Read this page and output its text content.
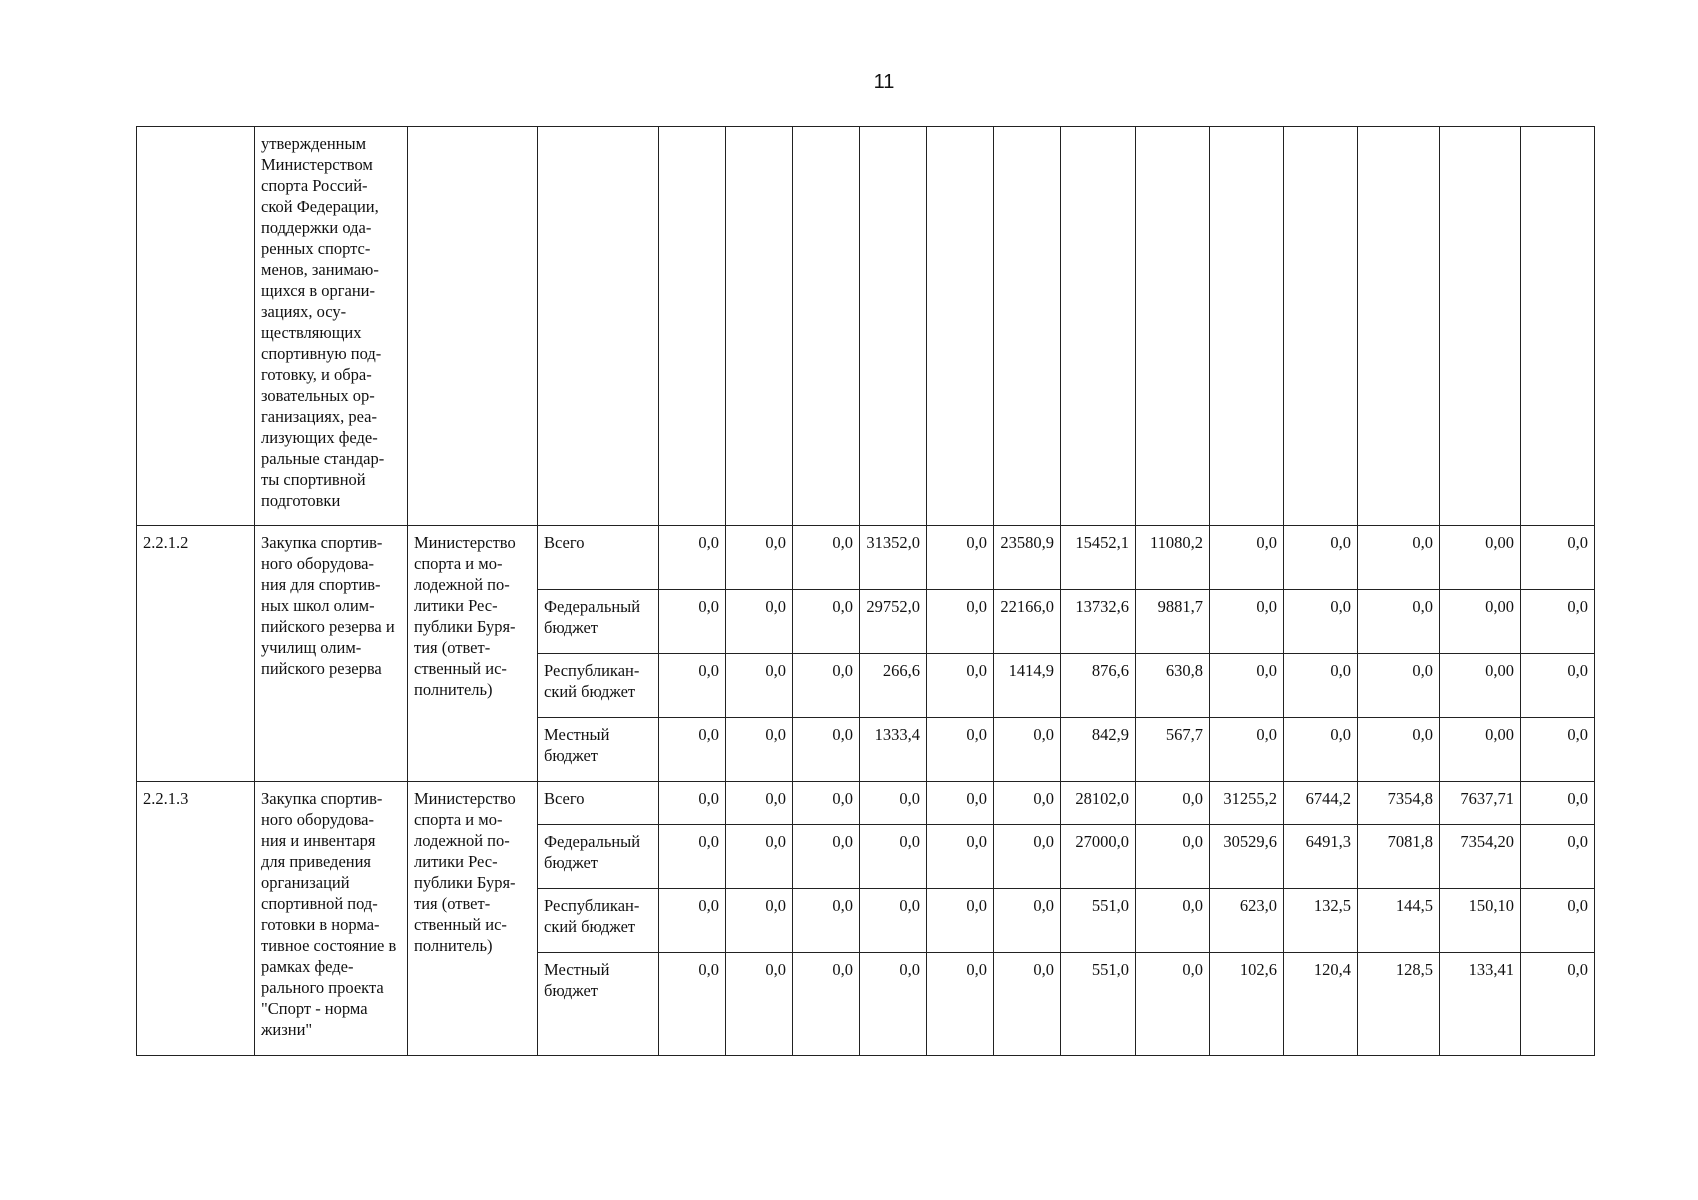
11
	утвержденным Министерством спорта Россий- ской Федерации, поддержки ода- ренных спортс- менов, занимаю- щихся в органи- зациях, осу- ществляющих спортивную под- готовку, и обра- зовательных ор- ганизациях, реа- лизующих феде- ральные стандар- ты спортивной подготовки															
2.2.1.2	Закупка спортив- ного оборудова- ния для спортив- ных школ олим- пийского резерва и училищ олим- пийского резерва	Министерство спорта и мо- лодежной по- литики Рес- публики Буря- тия (ответ- ственный ис- полнитель)	Всего	0,0	0,0	0,0	31352,0	0,0	23580,9	15452,1	11080,2	0,0	0,0	0,0	0,00	0,0
			Федеральный бюджет	0,0	0,0	0,0	29752,0	0,0	22166,0	13732,6	9881,7	0,0	0,0	0,0	0,00	0,0
			Республикан- ский бюджет	0,0	0,0	0,0	266,6	0,0	1414,9	876,6	630,8	0,0	0,0	0,0	0,00	0,0
			Местный бюджет	0,0	0,0	0,0	1333,4	0,0	0,0	842,9	567,7	0,0	0,0	0,0	0,00	0,0
2.2.1.3	Закупка спортив- ного оборудова- ния и инвентаря для приведения организаций спортивной под- готовки в норма- тивное состояние в рамках феде- рального проекта "Спорт - норма жизни"	Министерство спорта и мо- лодежной по- литики Рес- публики Буря- тия (ответ- ственный ис- полнитель)	Всего	0,0	0,0	0,0	0,0	0,0	0,0	28102,0	0,0	31255,2	6744,2	7354,8	7637,71	0,0
			Федеральный бюджет	0,0	0,0	0,0	0,0	0,0	0,0	27000,0	0,0	30529,6	6491,3	7081,8	7354,20	0,0
			Республикан- ский бюджет	0,0	0,0	0,0	0,0	0,0	0,0	551,0	0,0	623,0	132,5	144,5	150,10	0,0
			Местный бюджет	0,0	0,0	0,0	0,0	0,0	0,0	551,0	0,0	102,6	120,4	128,5	133,41	0,0
